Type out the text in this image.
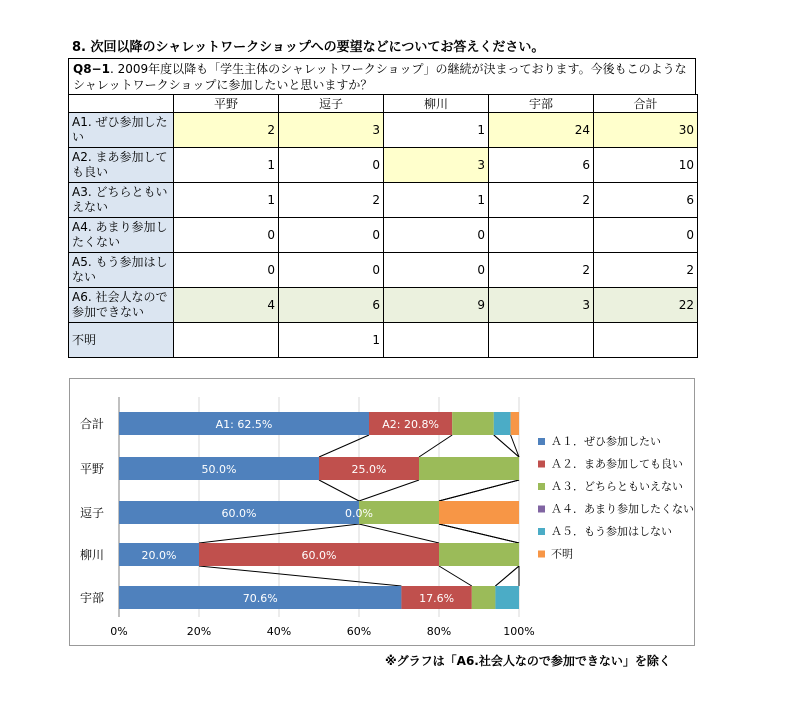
8. 次回以降のシャレットワークショップへの要望などについてお答えください。
Q8−1. 2009年度以降も「学生主体のシャレットワークショップ」の継続が決まっております。今後もこのようなシャレットワークショップに参加したいと思いますか？
	平野	逗子	柳川	宇部	合計
A1. ぜひ参加したい	2	3	1	24	30
A2. まあ参加しても良い	1	0	3	6	10
A3. どちらともいえない	1	2	1	2	6
A4. あまり参加したくない	0	0	0		0
A5. もう参加はしない	0	0	0	2	2
A6. 社会人なので参加できない	4	6	9	3	22
不明		1			
0%	20%	40%	60%	80%	100%
合計	A1: 62.5%	A2: 20.8%
平野	50.0%	25.0%
逗子	60.0%	0.0%
柳川	20.0%	60.0%
宇部	70.6%	17.6%
Ａ１．ぜひ参加したい
Ａ２．まあ参加しても良い
Ａ３．どちらともいえない
Ａ４．あまり参加したくない
Ａ５．もう参加はしない
不明
※グラフは「A6.社会人なので参加できない」を除く
